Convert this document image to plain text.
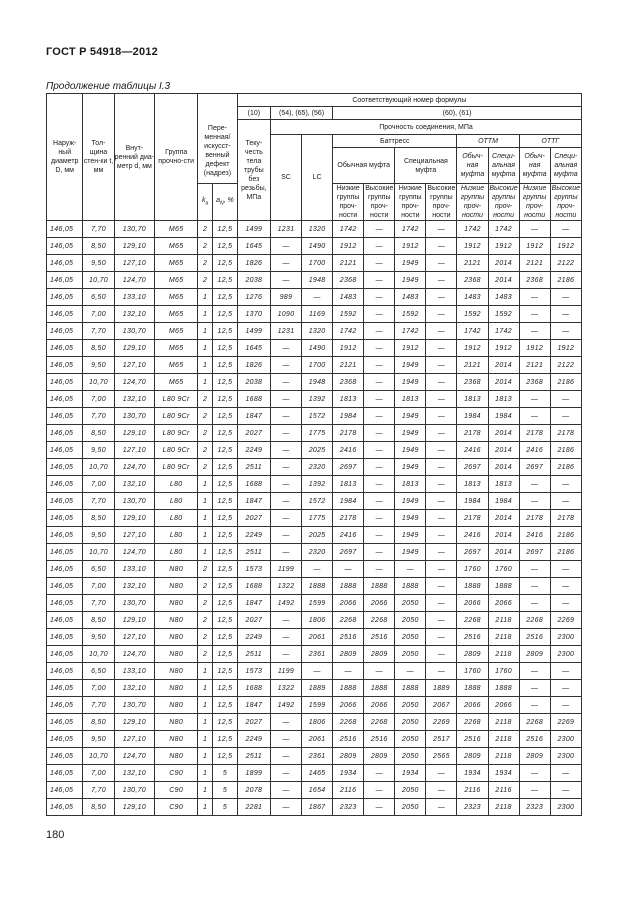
ГОСТ Р 54918—2012
Продолжение таблицы I.3
Наруж-ный диаметр D, мм	Тол-щина стен-ки t, мм	Внут-ренний диа-метр d, мм	Группа прочно-сти			Соответствующий номер формулы										
						(10)	(54), (65), (56)		(60), (61)							
				Пере-менная/искусст-венный дефект (надрез)		Теку-честь тела трубы без резьбы, МПа	Прочность соединения, МПа									
							SC	LC	Баттресс				ОТТМ		ОТТГ	
									Обычная муфта		Специальная муфта		Обыч-ная муфта	Специ-альная муфта	Обыч-ная муфта	Специ-альная муфта
				$k_a$	$a_N$, %				Низкие группы проч-ности	Высокие группы проч-ности	Низкие группы проч-ности	Высокие группы проч-ности	Низкие группы проч-ности	Высокие группы проч-ности	Низкие группы проч-ности	Высокие группы проч-ности
146,05	7,70	130,70	M65	2	12,5	1499	1231	1320	1742	—	1742	—	1742	1742	—	—
146,05	8,50	129,10	M65	2	12,5	1645	—	1490	1912	—	1912	—	1912	1912	1912	1912
146,05	9,50	127,10	M65	2	12,5	1826	—	1700	2121	—	1949	—	2121	2014	2121	2122
146,05	10,70	124,70	M65	2	12,5	2038	—	1948	2368	—	1949	—	2368	2014	2368	2186
146,05	6,50	133,10	M65	1	12,5	1276	989	—	1483	—	1483	—	1483	1483	—	—
146,05	7,00	132,10	M65	1	12,5	1370	1090	1169	1592	—	1592	—	1592	1592	—	—
146,05	7,70	130,70	M65	1	12,5	1499	1231	1320	1742	—	1742	—	1742	1742	—	—
146,05	8,50	129,10	M65	1	12,5	1645	—	1490	1912	—	1912	—	1912	1912	1912	1912
146,05	9,50	127,10	M65	1	12,5	1826	—	1700	2121	—	1949	—	2121	2014	2121	2122
146,05	10,70	124,70	M65	1	12,5	2038	—	1948	2368	—	1949	—	2368	2014	2368	2186
146,05	7,00	132,10	L80 9Cr	2	12,5	1688	—	1392	1813	—	1813	—	1813	1813	—	—
146,05	7,70	130,70	L80 9Cr	2	12,5	1847	—	1572	1984	—	1949	—	1984	1984	—	—
146,05	8,50	129,10	L80 9Cr	2	12,5	2027	—	1775	2178	—	1949	—	2178	2014	2178	2178
146,05	9,50	127,10	L80 9Cr	2	12,5	2249	—	2025	2416	—	1949	—	2416	2014	2416	2186
146,05	10,70	124,70	L80 9Cr	2	12,5	2511	—	2320	2697	—	1949	—	2697	2014	2697	2186
146,05	7,00	132,10	L80	1	12,5	1688	—	1392	1813	—	1813	—	1813	1813	—	—
146,05	7,70	130,70	L80	1	12,5	1847	—	1572	1984	—	1949	—	1984	1984	—	—
146,05	8,50	129,10	L80	1	12,5	2027	—	1775	2178	—	1949	—	2178	2014	2178	2178
146,05	9,50	127,10	L80	1	12,5	2249	—	2025	2416	—	1949	—	2416	2014	2416	2186
146,05	10,70	124,70	L80	1	12,5	2511	—	2320	2697	—	1949	—	2697	2014	2697	2186
146,05	6,50	133,10	N80	2	12,5	1573	1199	—	—	—	—	—	1760	1760	—	—
146,05	7,00	132,10	N80	2	12,5	1688	1322	1888	1888	1888	1888	—	1888	1888	—	—
146,05	7,70	130,70	N80	2	12,5	1847	1492	1599	2066	2066	2050	—	2066	2066	—	—
146,05	8,50	129,10	N80	2	12,5	2027	—	1806	2268	2268	2050	—	2268	2118	2268	2269
146,05	9,50	127,10	N80	2	12,5	2249	—	2061	2516	2516	2050	—	2516	2118	2516	2300
146,05	10,70	124,70	N80	2	12,5	2511	—	2361	2809	2809	2050	—	2809	2118	2809	2300
146,05	6,50	133,10	N80	1	12,5	1573	1199	—	—	—	—	—	1760	1760	—	—
146,05	7,00	132,10	N80	1	12,5	1688	1322	1889	1888	1888	1888	1889	1888	1888	—	—
146,05	7,70	130,70	N80	1	12,5	1847	1492	1599	2066	2066	2050	2067	2066	2066	—	—
146,05	8,50	129,10	N80	1	12,5	2027	—	1806	2268	2268	2050	2269	2268	2118	2268	2269
146,05	9,50	127,10	N80	1	12,5	2249	—	2061	2516	2516	2050	2517	2516	2118	2516	2300
146,05	10,70	124,70	N80	1	12,5	2511	—	2361	2809	2809	2050	2565	2809	2118	2809	2300
146,05	7,00	132,10	C90	1	5	1899	—	1465	1934	—	1934	—	1934	1934	—	—
146,05	7,70	130,70	C90	1	5	2078	—	1654	2116	—	2050	—	2116	2116	—	—
146,05	8,50	129,10	C90	1	5	2281	—	1867	2323	—	2050	—	2323	2118	2323	2300
180
